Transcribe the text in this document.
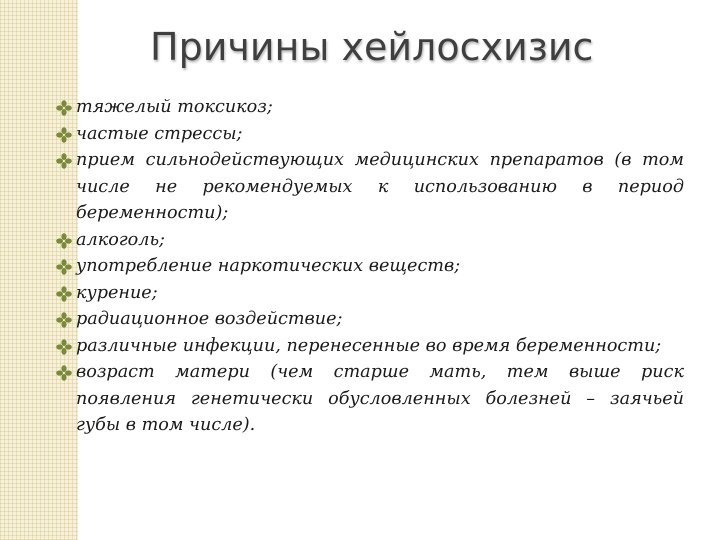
Причины хейлосхизис
тяжелый токсикоз;
частые стрессы;
прием сильнодействующих медицинских препаратов (в том числе не рекомендуемых к использованию в период беременности);
алкоголь;
употребление наркотических веществ;
курение;
радиационное воздействие;
различные инфекции, перенесенные во время беременности;
возраст матери (чем старше мать, тем выше риск появления генетически обусловленных болезней – заячьей губы в том числе).
